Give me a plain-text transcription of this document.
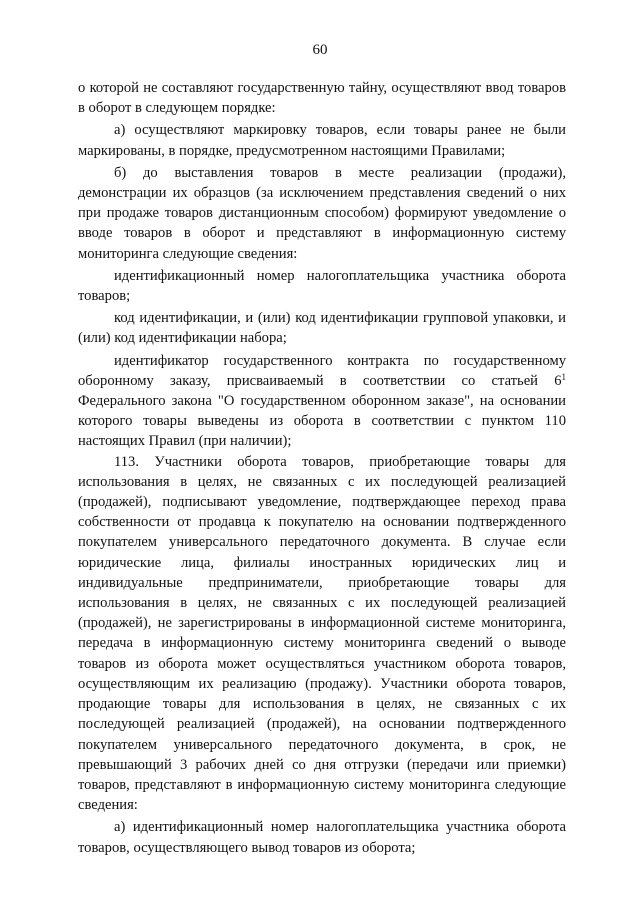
60

о которой не составляют государственную тайну, осуществляют ввод товаров в оборот в следующем порядке:

а) осуществляют маркировку товаров, если товары ранее не были маркированы, в порядке, предусмотренном настоящими Правилами;

б) до выставления товаров в месте реализации (продажи), демонстрации их образцов (за исключением представления сведений о них при продаже товаров дистанционным способом) формируют уведомление о вводе товаров в оборот и представляют в информационную систему мониторинга следующие сведения:

идентификационный номер налогоплательщика участника оборота товаров;

код идентификации, и (или) код идентификации групповой упаковки, и (или) код идентификации набора;

идентификатор государственного контракта по государственному оборонному заказу, присваиваемый в соответствии со статьей $6^1$ Федерального закона "О государственном оборонном заказе", на основании которого товары выведены из оборота в соответствии с пунктом 110 настоящих Правил (при наличии);

113. Участники оборота товаров, приобретающие товары для использования в целях, не связанных с их последующей реализацией (продажей), подписывают уведомление, подтверждающее переход права собственности от продавца к покупателю на основании подтвержденного покупателем универсального передаточного документа. В случае если юридические лица, филиалы иностранных юридических лиц и индивидуальные предприниматели, приобретающие товары для использования в целях, не связанных с их последующей реализацией (продажей), не зарегистрированы в информационной системе мониторинга, передача в информационную систему мониторинга сведений о выводе товаров из оборота может осуществляться участником оборота товаров, осуществляющим их реализацию (продажу). Участники оборота товаров, продающие товары для использования в целях, не связанных с их последующей реализацией (продажей), на основании подтвержденного покупателем универсального передаточного документа, в срок, не превышающий 3 рабочих дней со дня отгрузки (передачи или приемки) товаров, представляют в информационную систему мониторинга следующие сведения:

а) идентификационный номер налогоплательщика участника оборота товаров, осуществляющего вывод товаров из оборота;
